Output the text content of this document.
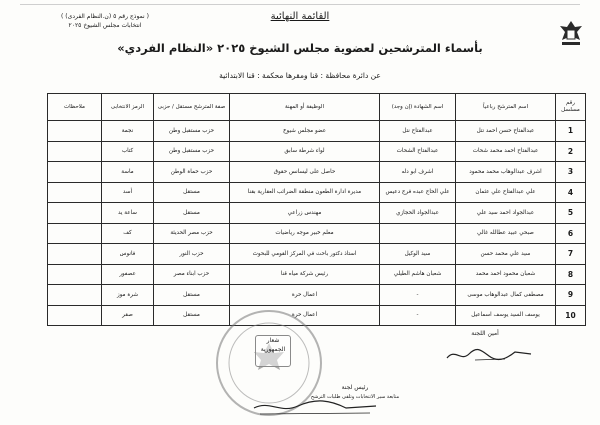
( نموذج رقم ٥ (ن.النظام الفردى) )
انتخابات مجلس الشيوخ ٢٠٢٥
القائمة النهائية
بأسماء المترشحين لعضوية مجلس الشيوخ ٢٠٢٥ «النظام الفردي»
عن دائرة محافظة : قنا ومقرها محكمة : قنا الابتدائية
رقم مسلسل	اسم المترشح رباعياً	اسم الشهادة (إن وجد)	الوظيفة أو المهنة	صفة المترشح مستقل / حزبى	الرمز الانتخابى	ملاحظات
1	عبدالفتاح حسن احمد نتل	عبدالفتاح نتل	عضو مجلس شيوخ	حزب مستقبل وطن	نجمة	
2	عبدالفتاح احمد محمد شحات	عبدالفتاح الشحات	لواء شرطة سابق	حزب مستقبل وطن	كتاب	
3	اشرف عبدالوهاب محمد محمود	اشرف ابو دله	حاصل على ليسانس حقوق	حزب حماة الوطن	ماسة	
4	علي عبدالفتاح علي عثمان	علي الحاج عبده فرج دعيس	مديرة ادارة الطعون منطقة الضرائب العقارية بقنا	مستقل	أسد	
5	عبدالجواد احمد سيد علي	عبدالجواد الحجازي	مهندس زراعي	مستقل	ساعة يد	
6	صبحي عبيد عطالله غالي		معلم خبير موجه رياضيات	حزب مصر الحديثة	كف	
7	سيد علي محمد حسن	سيد الوكيل	استاذ دكتور باحث في المركز القومي للبحوث	حزب النور	فانوس	
8	شعبان محمود احمد محمد	شعبان هاشم الطيلي	رئيس شركة مياه قنا	حزب ابناء مصر	عصفور	
9	مصطفى كمال عبدالوهاب موسى	-	اعمال حرة	مستقل	شرة موز	
10	يوسف السيد يوسف اسماعيل	-	اعمال حرة	مستقل	صقر	
أمين اللجنة
شعار الجمهورية
رئيس لجنة
متابعة سير الانتخابات وتلقى طلبات الترشح
